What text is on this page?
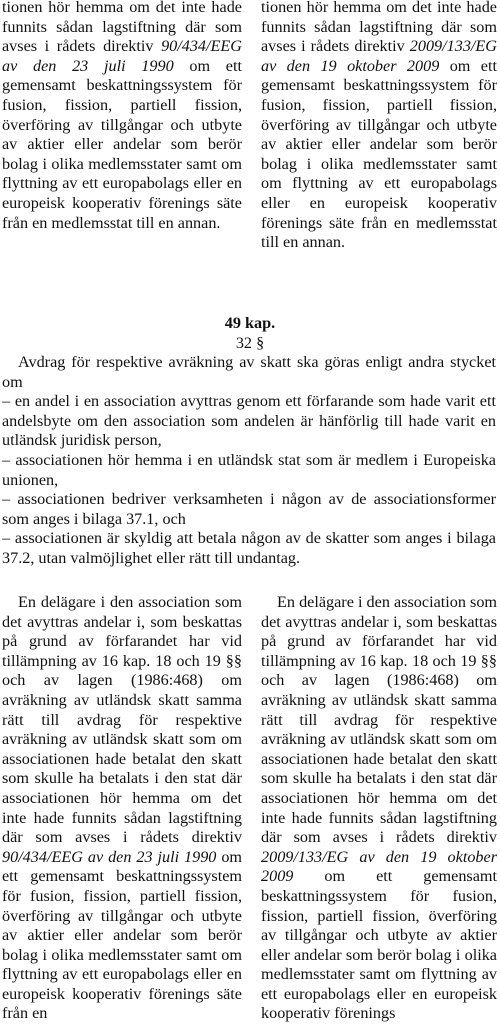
tionen hör hemma om det inte hade funnits sådan lagstiftning där som avses i rådets direktiv 90/434/EEG av den 23 juli 1990 om ett gemensamt beskattningssystem för fusion, fission, partiell fission, överföring av tillgångar och utbyte av aktier eller andelar som berör bolag i olika medlemsstater samt om flyttning av ett europabolags eller en europeisk kooperativ förenings säte från en medlemsstat till en annan.

tionen hör hemma om det inte hade funnits sådan lagstiftning där som avses i rådets direktiv 2009/133/EG av den 19 oktober 2009 om ett gemensamt beskattningssystem för fusion, fission, partiell fission, överföring av tillgångar och utbyte av aktier eller andelar som berör bolag i olika medlemsstater samt om flyttning av ett europabolags eller en europeisk kooperativ förenings säte från en medlemsstat till en annan.

49 kap.
32 §

Avdrag för respektive avräkning av skatt ska göras enligt andra stycket om

– en andel i en association avyttras genom ett förfarande som hade varit ett andelsbyte om den association som andelen är hänförlig till hade varit en utländsk juridisk person,

– associationen hör hemma i en utländsk stat som är medlem i Europeiska unionen,

– associationen bedriver verksamheten i någon av de associationsformer som anges i bilaga 37.1, och

– associationen är skyldig att betala någon av de skatter som anges i bilaga 37.2, utan valmöjlighet eller rätt till undantag.

En delägare i den association som det avyttras andelar i, som beskattas på grund av förfarandet har vid tillämpning av 16 kap. 18 och 19 §§ och av lagen (1986:468) om avräkning av utländsk skatt samma rätt till avdrag för respektive avräkning av utländsk skatt som om associationen hade betalat den skatt som skulle ha betalats i den stat där associationen hör hemma om det inte hade funnits sådan lagstiftning där som avses i rådets direktiv 90/434/EEG av den 23 juli 1990 om ett gemensamt beskattningssystem för fusion, fission, partiell fission, överföring av tillgångar och utbyte av aktier eller andelar som berör bolag i olika medlemsstater samt om flyttning av ett europabolags eller en europeisk kooperativ förenings säte från en

En delägare i den association som det avyttras andelar i, som beskattas på grund av förfarandet har vid tillämpning av 16 kap. 18 och 19 §§ och av lagen (1986:468) om avräkning av utländsk skatt samma rätt till avdrag för respektive avräkning av utländsk skatt som om associationen hade betalat den skatt som skulle ha betalats i den stat där associationen hör hemma om det inte hade funnits sådan lagstiftning där som avses i rådets direktiv 2009/133/EG av den 19 oktober 2009 om ett gemensamt beskattningssystem för fusion, fission, partiell fission, överföring av tillgångar och utbyte av aktier eller andelar som berör bolag i olika medlemsstater samt om flyttning av ett europabolags eller en europeisk kooperativ förenings
